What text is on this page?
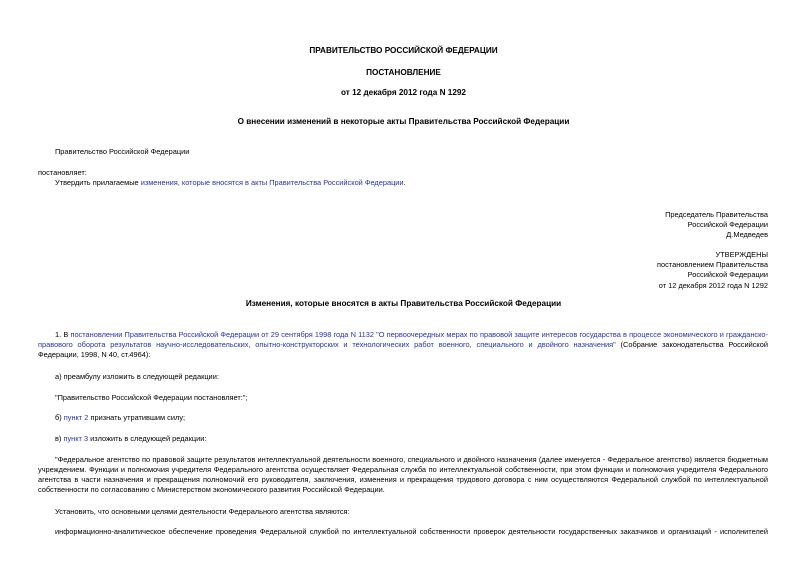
ПРАВИТЕЛЬСТВО РОССИЙСКОЙ ФЕДЕРАЦИИ
ПОСТАНОВЛЕНИЕ
от 12 декабря 2012 года N 1292
О внесении изменений в некоторые акты Правительства Российской Федерации
Правительство Российской Федерации
постановляет:
Утвердить прилагаемые изменения, которые вносятся в акты Правительства Российской Федерации.
Председатель Правительства
Российской Федерации
Д.Медведев
УТВЕРЖДЕНЫ
постановлением Правительства
Российской Федерации
от 12 декабря 2012 года N 1292
Изменения, которые вносятся в акты Правительства Российской Федерации
1. В постановлении Правительства Российской Федерации от 29 сентября 1998 года N 1132 "О первоочередных мерах по правовой защите интересов государства в процессе экономического и гражданско-правового оборота результатов научно-исследовательских, опытно-конструкторских и технологических работ военного, специального и двойного назначения" (Собрание законодательства Российской Федерации, 1998, N 40, ст.4964):
а) преамбулу изложить в следующей редакции:
"Правительство Российской Федерации постановляет:";
б) пункт 2 признать утратившим силу;
в) пункт 3 изложить в следующей редакции:
"Федеральное агентство по правовой защите результатов интеллектуальной деятельности военного, специального и двойного назначения (далее именуется - Федеральное агентство) является бюджетным учреждением. Функции и полномочия учредителя Федерального агентства осуществляет Федеральная служба по интеллектуальной собственности, при этом функции и полномочия учредителя Федерального агентства в части назначения и прекращения полномочий его руководителя, заключения, изменения и прекращения трудового договора с ним осуществляются Федеральной службой по интеллектуальной собственности по согласованию с Министерством экономического развития Российской Федерации.
Установить, что основными целями деятельности Федерального агентства являются:
информационно-аналитическое обеспечение проведения Федеральной службой по интеллектуальной собственности проверок деятельности государственных заказчиков и организаций - исполнителей
